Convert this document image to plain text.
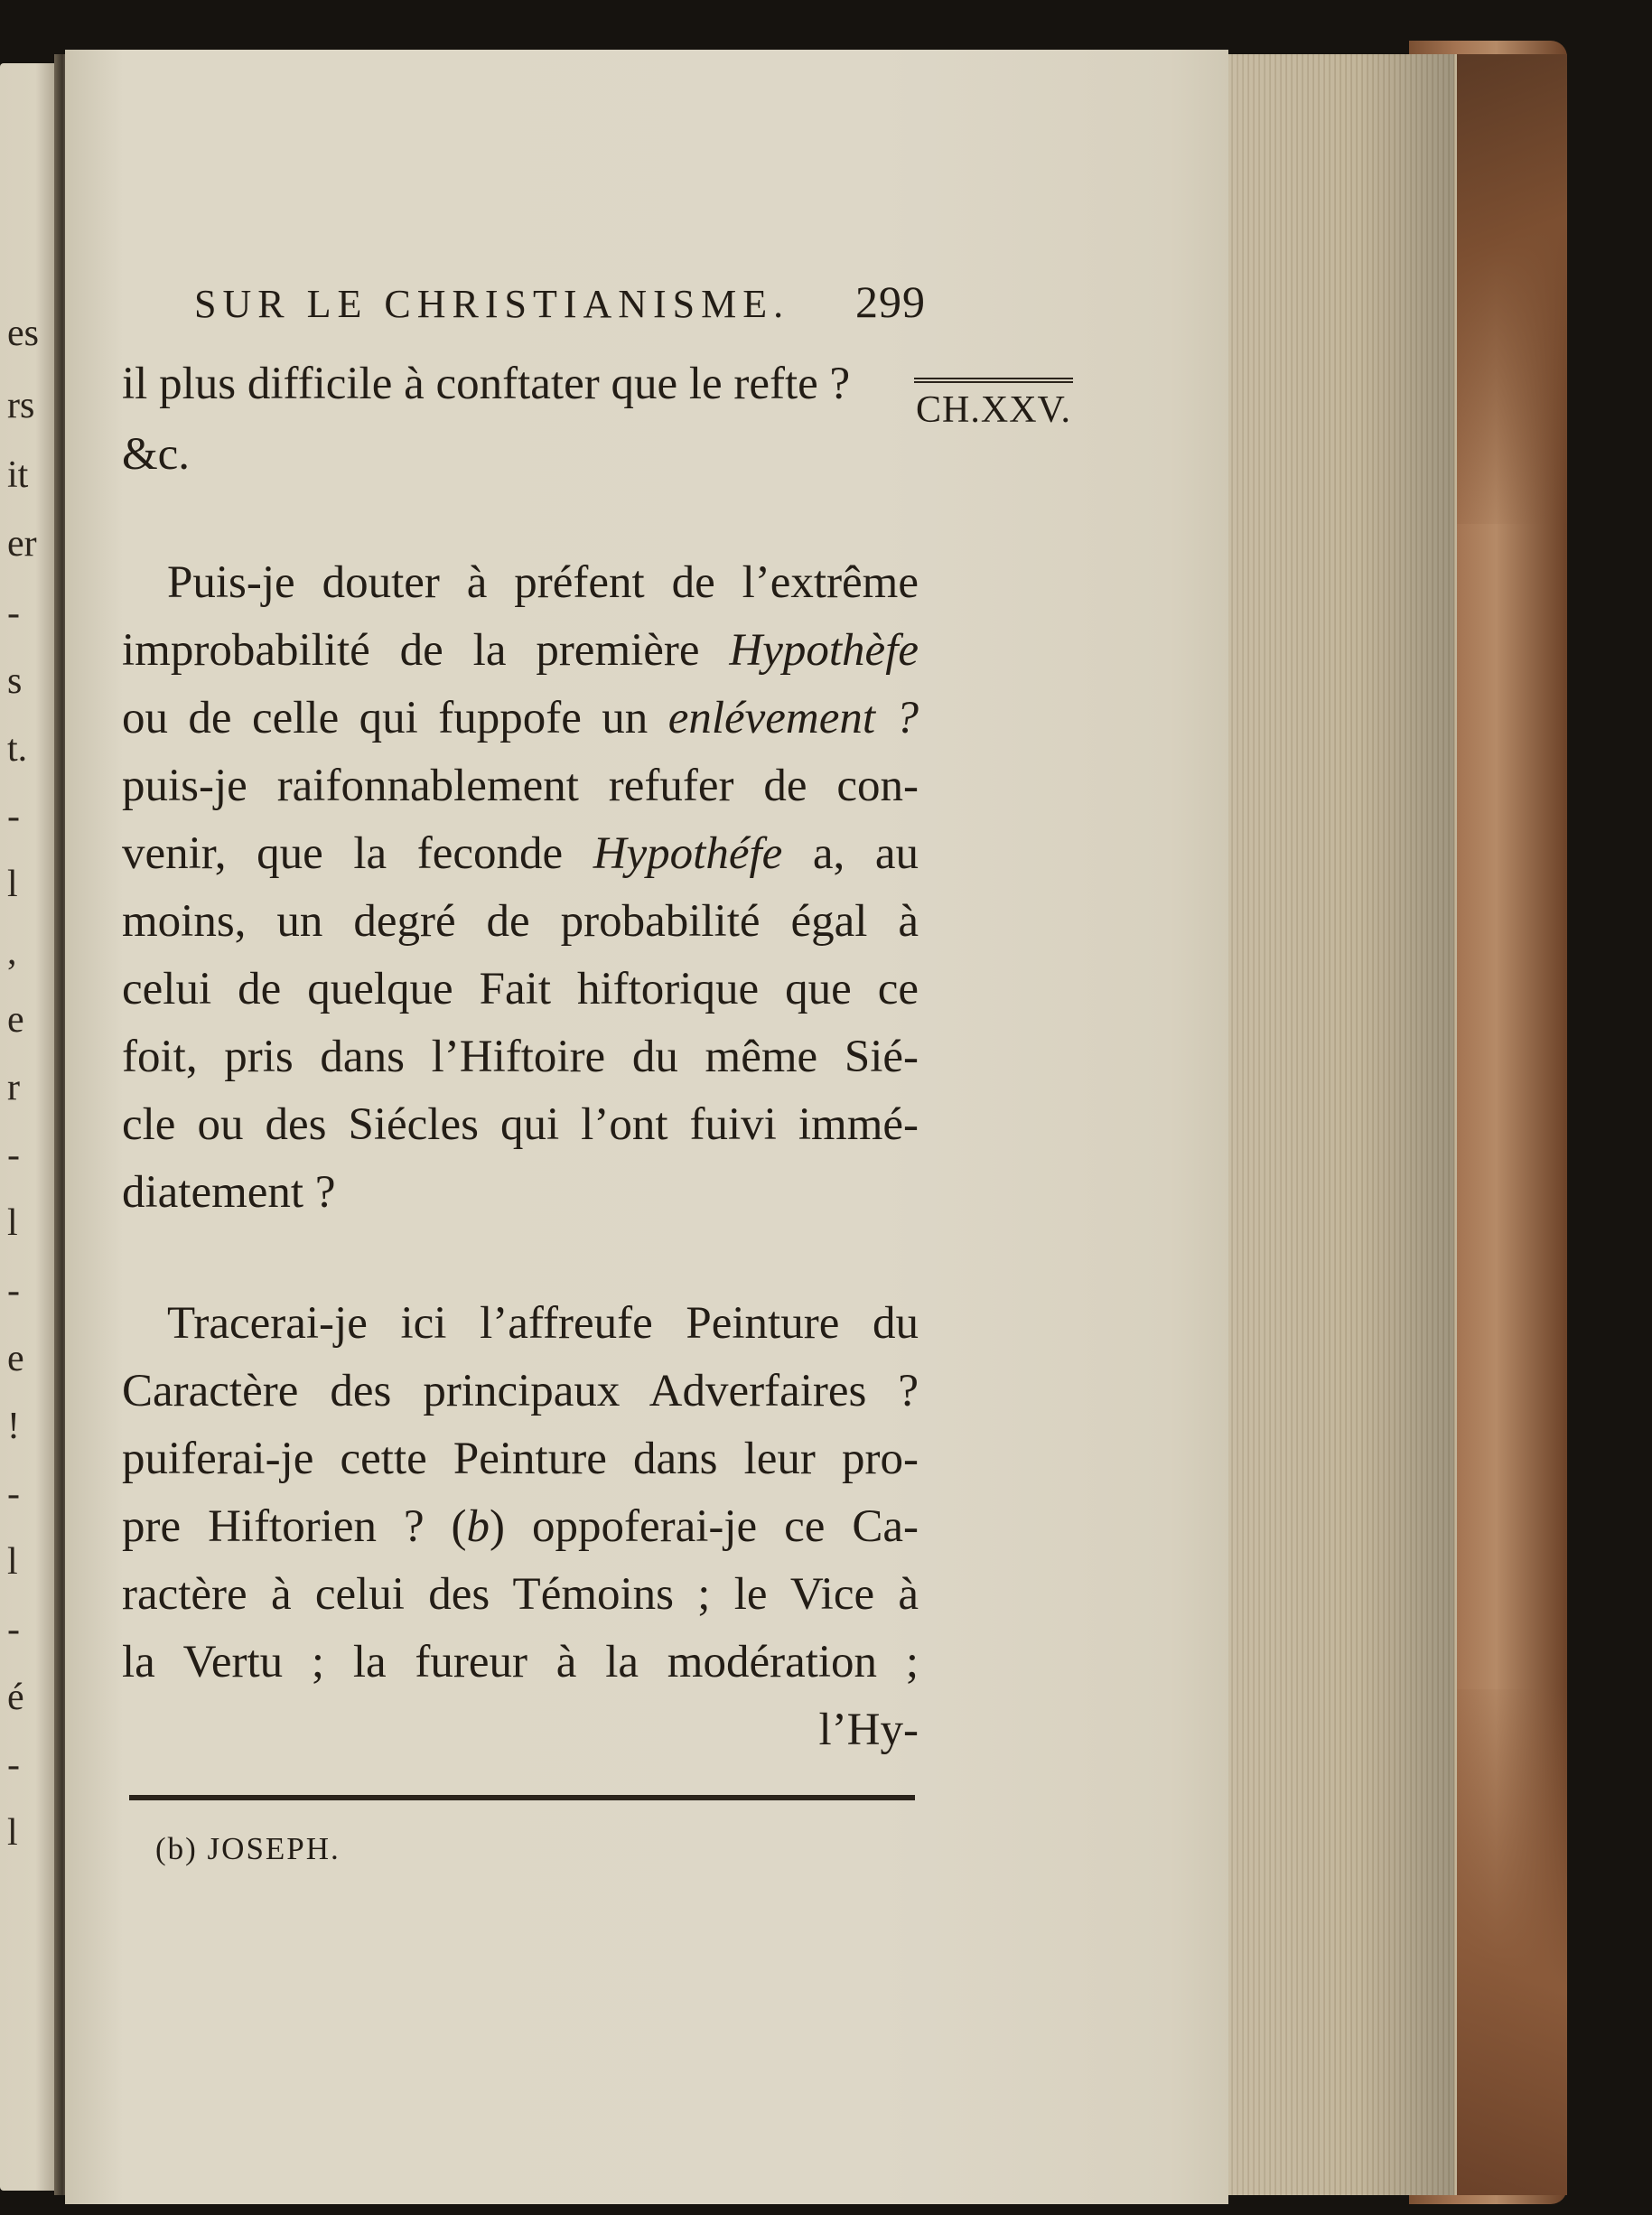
es
rs
it
er
-
s
t.
-
l
,
e
r
-
l
-
e
!
-
l
-
é
-
l
SUR LE CHRISTIANISME. 299
CH.XXV.
il plus difficile à conftater que le refte ?
&c.
Puis-je douter à préfent de l’extrême
improbabilité de la première Hypothèfe
ou de celle qui fuppofe un enlévement ?
puis-je raifonnablement refufer de con-
venir, que la feconde Hypothéfe a, au
moins, un degré de probabilité égal à
celui de quelque Fait hiftorique que ce
foit, pris dans l’Hiftoire du même Sié-
cle ou des Siécles qui l’ont fuivi immé-
diatement ?
Tracerai-je ici l’affreufe Peinture du
Caractère des principaux Adverfaires ?
puiferai-je cette Peinture dans leur pro-
pre Hiftorien ? (b) oppoferai-je ce Ca-
ractère à celui des Témoins ; le Vice à
la Vertu ; la fureur à la modération ;
l’Hy-
(b) JOSEPH.
